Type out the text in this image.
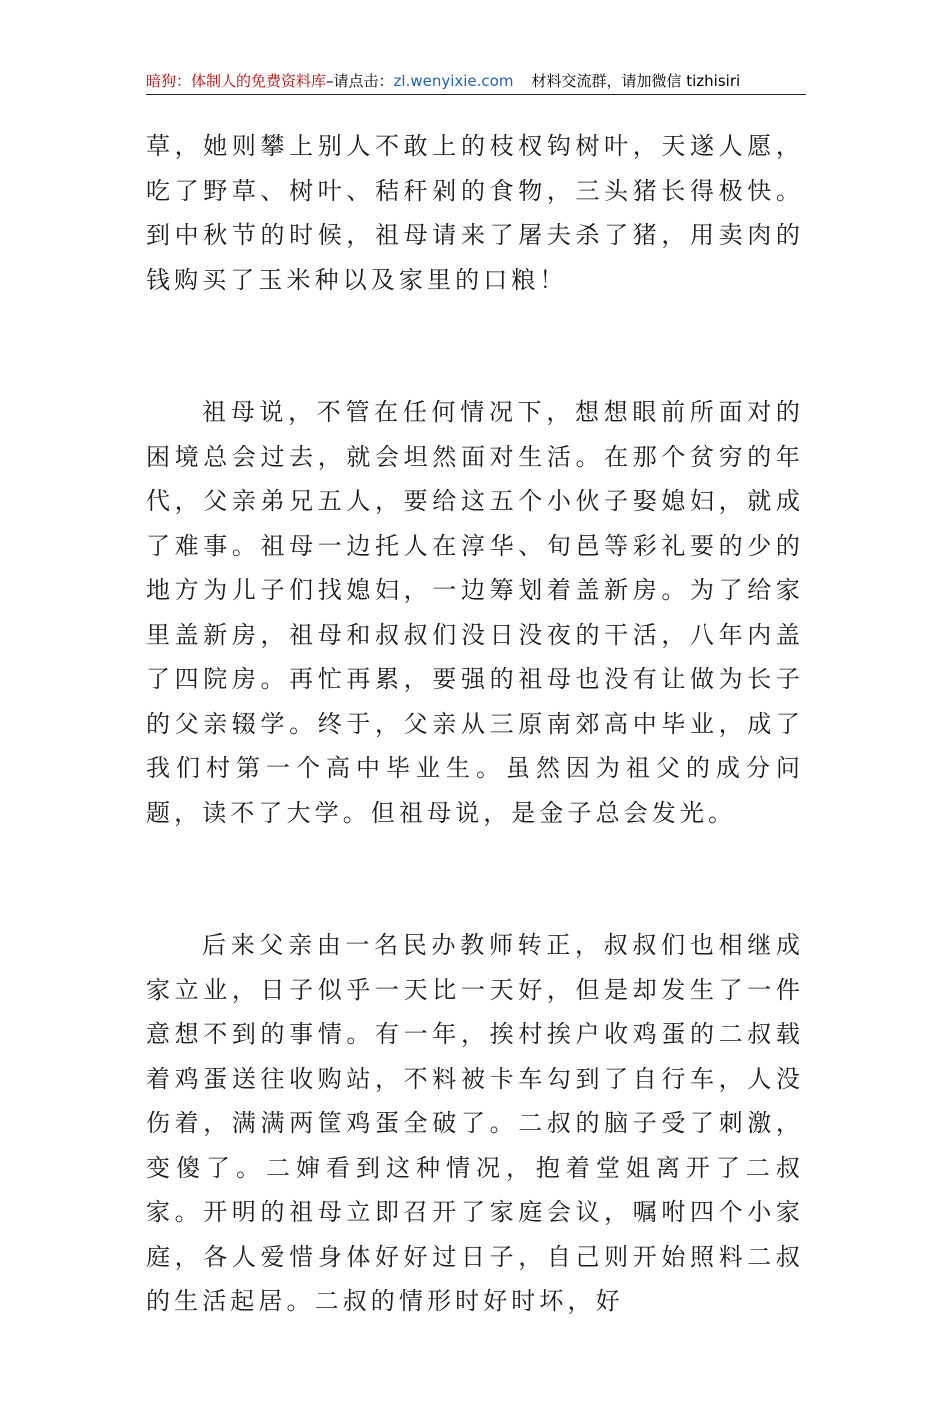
暗狗：体制人的免费资料库–请点击：zl.wenyixie.com 材料交流群，请加微信 tizhisiri

草，她则攀上别人不敢上的枝杈钩树叶，天遂人愿，吃了野草、树叶、秸秆剁的食物，三头猪长得极快。到中秋节的时候，祖母请来了屠夫杀了猪，用卖肉的钱购买了玉米种以及家里的口粮！

祖母说，不管在任何情况下，想想眼前所面对的困境总会过去，就会坦然面对生活。在那个贫穷的年代，父亲弟兄五人，要给这五个小伙子娶媳妇，就成了难事。祖母一边托人在淳华、旬邑等彩礼要的少的地方为儿子们找媳妇，一边筹划着盖新房。为了给家里盖新房，祖母和叔叔们没日没夜的干活，八年内盖了四院房。再忙再累，要强的祖母也没有让做为长子的父亲辍学。终于，父亲从三原南郊高中毕业，成了我们村第一个高中毕业生。虽然因为祖父的成分问题，读不了大学。但祖母说，是金子总会发光。

后来父亲由一名民办教师转正，叔叔们也相继成家立业，日子似乎一天比一天好，但是却发生了一件意想不到的事情。有一年，挨村挨户收鸡蛋的二叔载着鸡蛋送往收购站，不料被卡车勾到了自行车，人没伤着，满满两筐鸡蛋全破了。二叔的脑子受了刺激，变傻了。二婶看到这种情况，抱着堂姐离开了二叔家。开明的祖母立即召开了家庭会议，嘱咐四个小家庭，各人爱惜身体好好过日子，自己则开始照料二叔的生活起居。二叔的情形时好时坏，好
